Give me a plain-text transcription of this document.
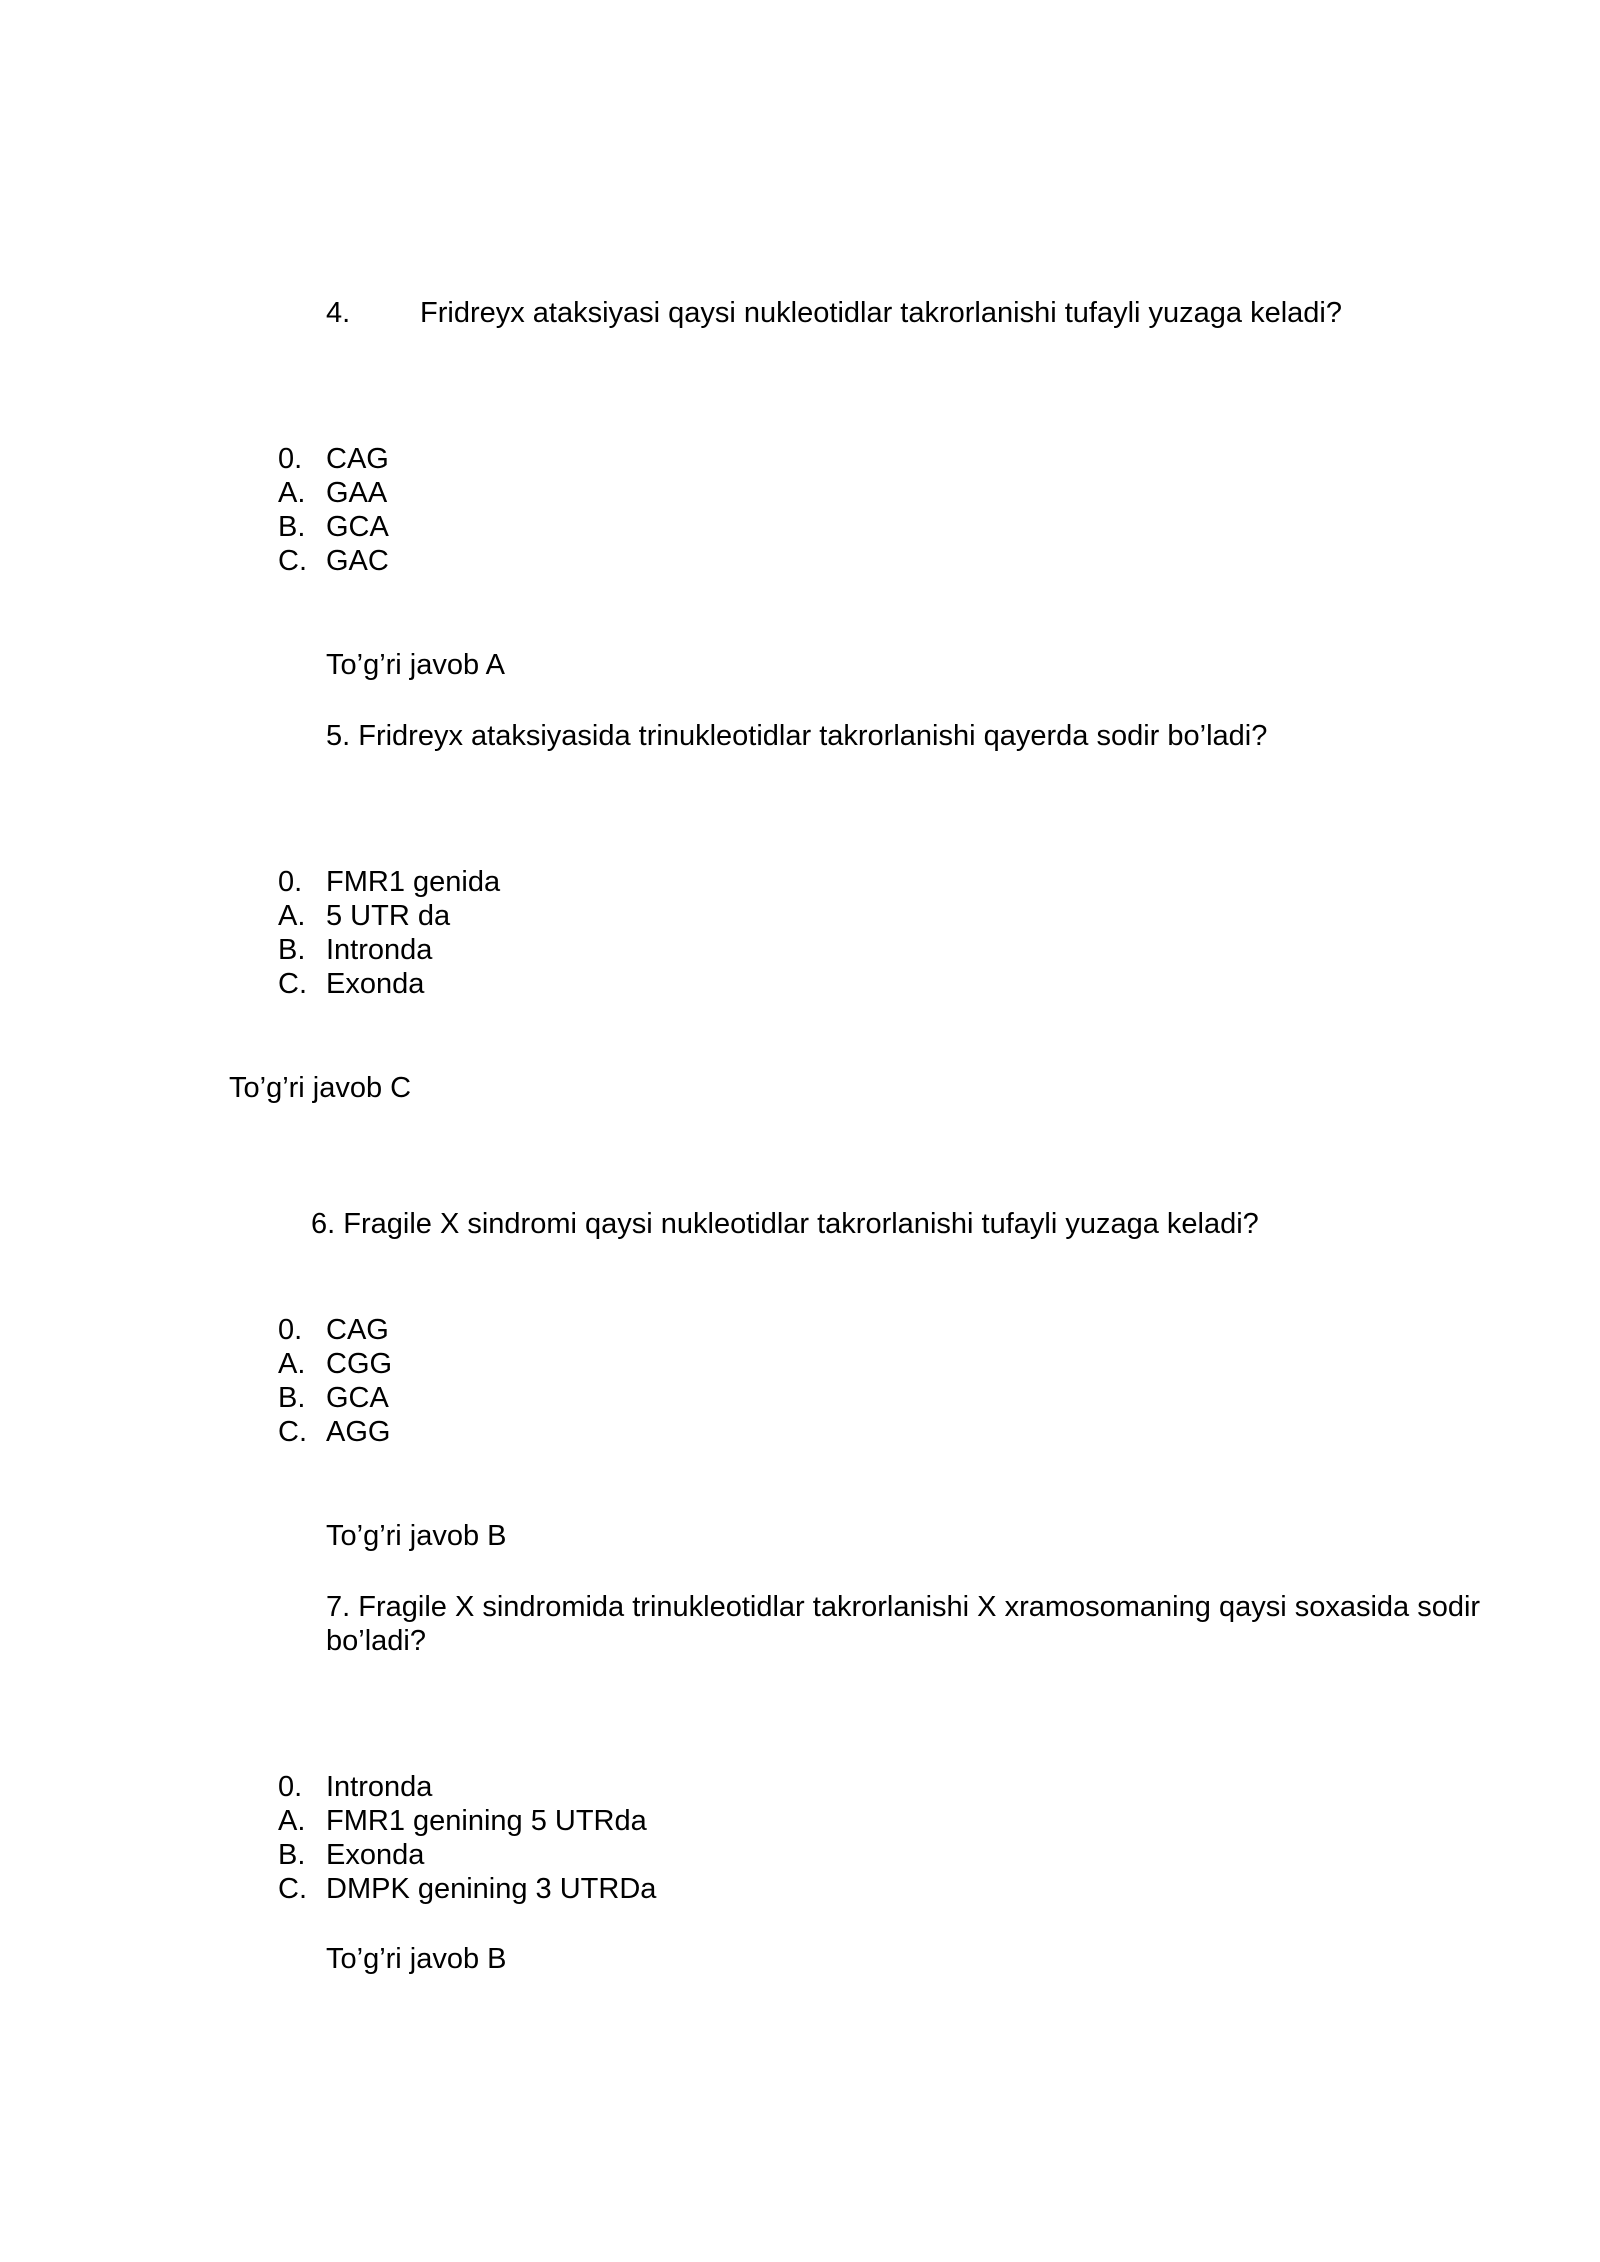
4. Fridreyx ataksiyasi qaysi nukleotidlar takrorlanishi tufayli yuzaga keladi?
0. CAG
A. GAA
B. GCA
C. GAC
To’g’ri javob A
5. Fridreyx ataksiyasida trinukleotidlar takrorlanishi qayerda sodir bo’ladi?
0. FMR1 genida
A. 5 UTR da
B. Intronda
C. Exonda
To’g’ri javob C
6. Fragile X sindromi qaysi nukleotidlar takrorlanishi tufayli yuzaga keladi?
0. CAG
A. CGG
B. GCA
C. AGG
To’g’ri javob B
7. Fragile X sindromida trinukleotidlar takrorlanishi X xramosomaning qaysi soxasida sodir bo’ladi?
0. Intronda
A. FMR1 genining 5 UTRda
B. Exonda
C. DMPK genining 3 UTRDa
To’g’ri javob B
